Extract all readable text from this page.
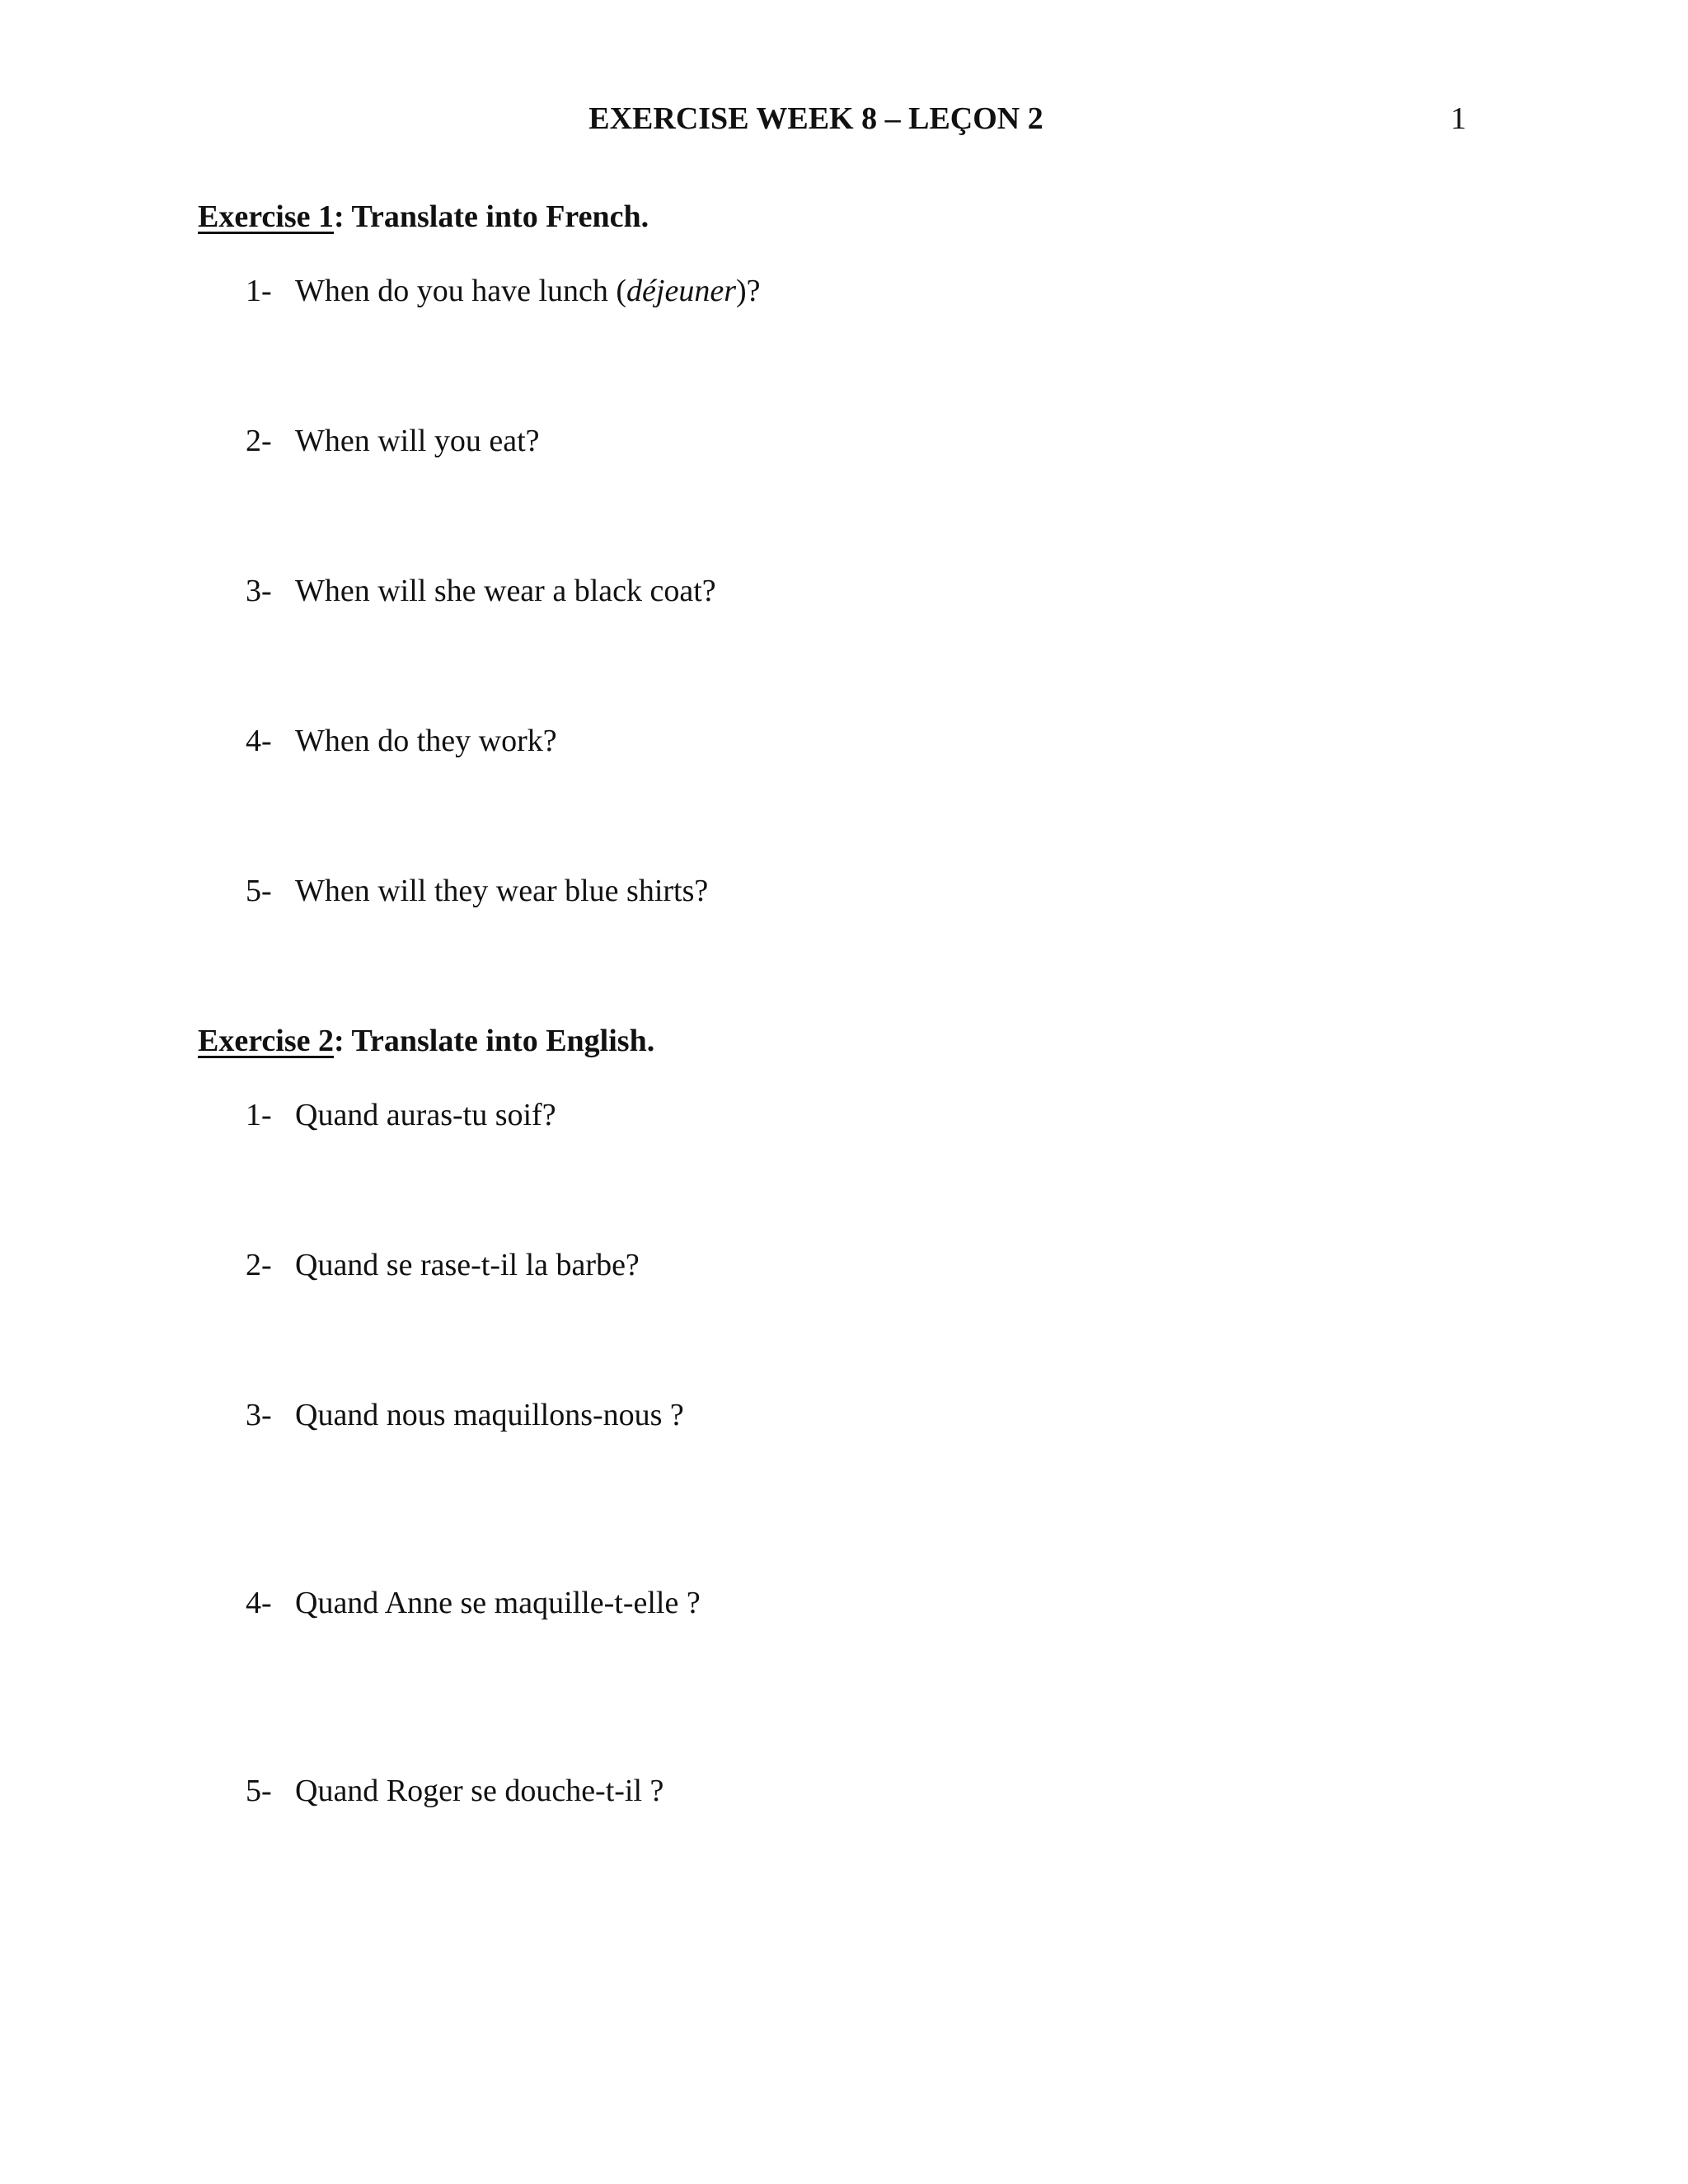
EXERCISE WEEK 8 – LEÇON 2	1
Exercise 1: Translate into French.
1- When do you have lunch (déjeuner)?
2- When will you eat?
3- When will she wear a black coat?
4- When do they work?
5- When will they wear blue shirts?
Exercise 2: Translate into English.
1- Quand auras-tu soif?
2- Quand se rase-t-il la barbe?
3- Quand nous maquillons-nous ?
4- Quand Anne se maquille-t-elle ?
5- Quand Roger se douche-t-il ?
